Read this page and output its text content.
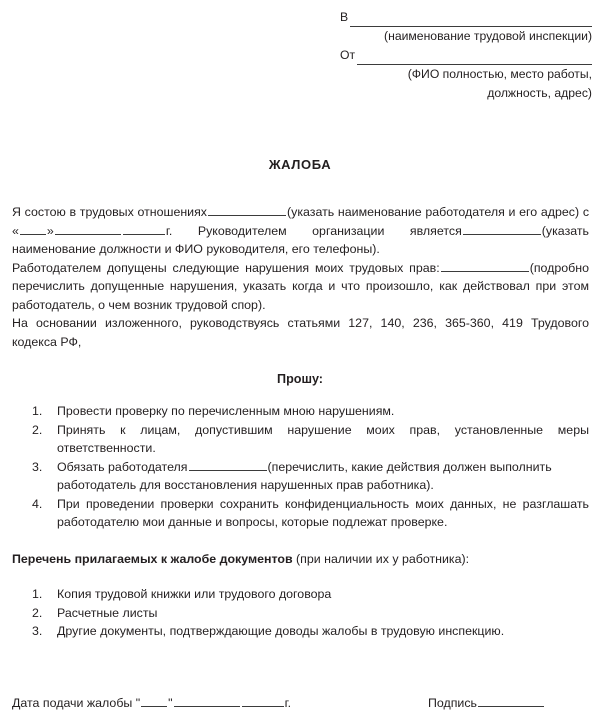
В
(наименование трудовой инспекции)
От
(ФИО полностью, место работы,
должность, адрес)
ЖАЛОБА

Я состою в трудовых отношениях	(указать наименование работодателя и его адрес) с « »	г. Руководителем организации является	(указать наименование должности и ФИО руководителя, его телефоны).

Работодателем допущены следующие нарушения моих трудовых прав:	(подробно перечислить допущенные нарушения, указать когда и что произошло, как действовал при этом работодатель, о чем возник трудовой спор).

На основании изложенного, руководствуясь статьями 127, 140, 236, 365-360, 419 Трудового кодекса РФ,

Прошу:
1.	Провести проверку по перечисленным мною нарушениям.
2.	Принять к лицам, допустившим нарушение моих прав, установленные меры ответственности.
3.	Обязать работодателя	(перечислить, какие действия должен выполнить работодатель для восстановления нарушенных прав работника).
4.	При проведении проверки сохранить конфиденциальность моих данных, не разглашать работодателю мои данные и вопросы, которые подлежат проверке.
Перечень прилагаемых к жалобе документов (при наличии их у работника):
1.	Копия трудовой книжки или трудового договора
2.	Расчетные листы
3.	Другие документы, подтверждающие доводы жалобы в трудовую инспекцию.
Дата подачи жалобы " "	г.	Подпись
